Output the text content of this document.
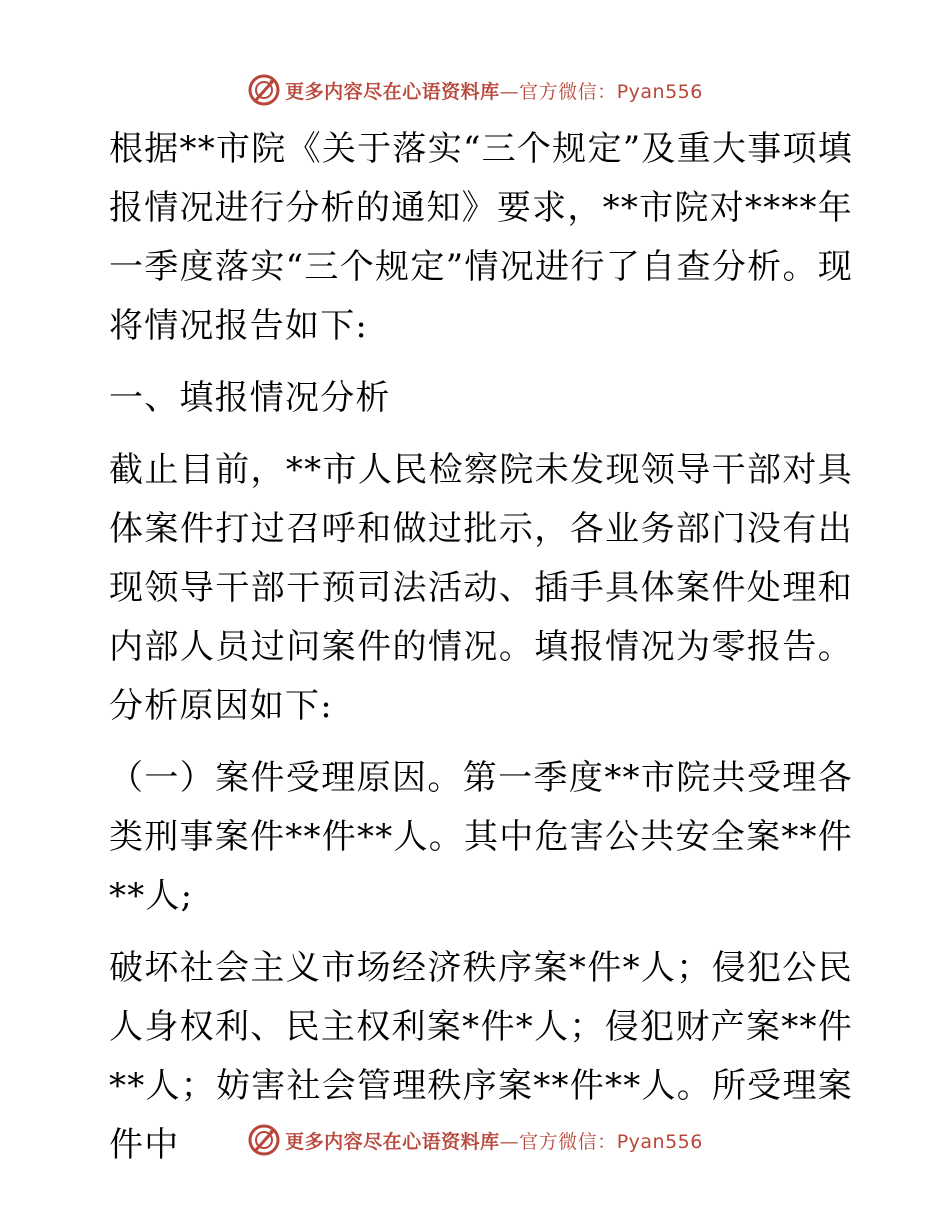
更多内容尽在心语资料库—官方微信：Pyan556

根据**市院《关于落实“三个规定”及重大事项填报情况进行分析的通知》要求，**市院对****年一季度落实“三个规定”情况进行了自查分析。现将情况报告如下:

一、填报情况分析

截止目前，**市人民检察院未发现领导干部对具体案件打过召呼和做过批示，各业务部门没有出现领导干部干预司法活动、插手具体案件处理和内部人员过问案件的情况。填报情况为零报告。分析原因如下:

（一）案件受理原因。第一季度**市院共受理各类刑事案件**件**人。其中危害公共安全案**件**人;

破坏社会主义市场经济秩序案*件*人；侵犯公民人身权利、民主权利案*件*人；侵犯财产案**件**人；妨害社会管理秩序案**件**人。所受理案件中	更多内容尽在心语资料库—官方微信：Pyan556
